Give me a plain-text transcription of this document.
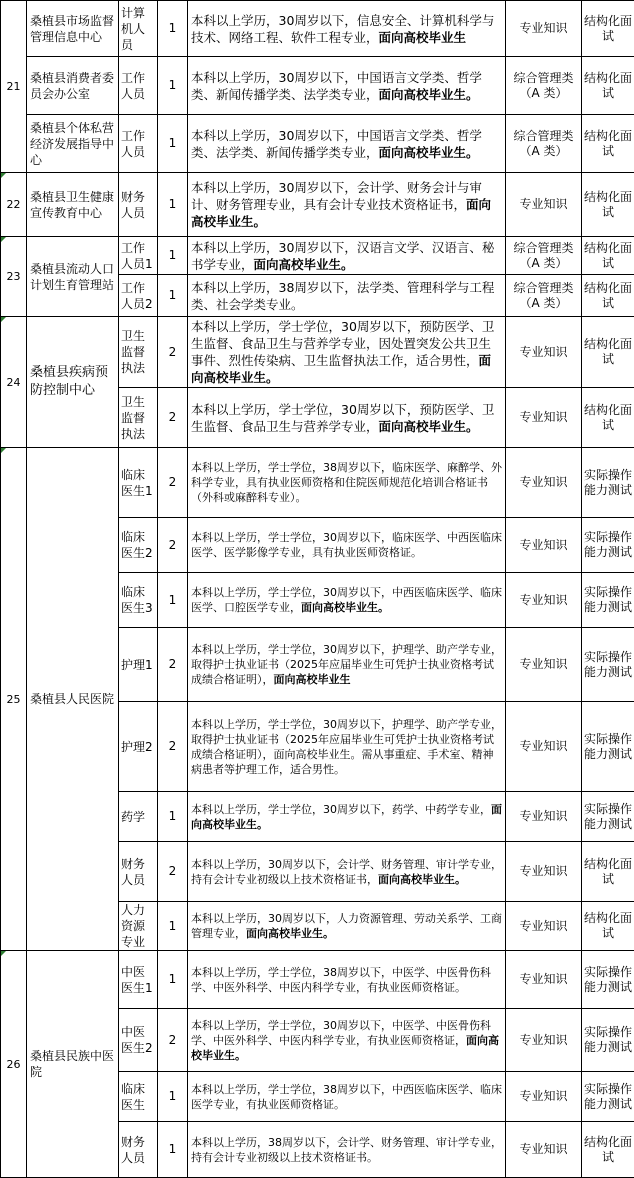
21	桑植县市场监督管理信息中心	计算机人员	1	本科以上学历，30周岁以下，信息安全、计算机科学与技术、网络工程、软件工程专业，面向高校毕业生	专业知识	结构化面试
	桑植县消费者委员会办公室	工作人员	1	本科以上学历，30周岁以下，中国语言文学类、哲学类、新闻传播学类、法学类专业，面向高校毕业生。	综合管理类（A 类）	结构化面试
	桑植县个体私营经济发展指导中心	工作人员	1	本科以上学历，30周岁以下，中国语言文学类、哲学类、法学类、新闻传播学类专业，面向高校毕业生。	综合管理类（A 类）	结构化面试
22	桑植县卫生健康宣传教育中心	财务人员	1	本科以上学历，30周岁以下，会计学、财务会计与审计、财务管理专业，具有会计专业技术资格证书，面向高校毕业生。	专业知识	结构化面试
23	桑植县流动人口计划生育管理站	工作人员1	1	本科以上学历，30周岁以下，汉语言文学、汉语言、秘书学专业，面向高校毕业生。	综合管理类（A 类）	结构化面试
		工作人员2	1	本科以上学历，38周岁以下，法学类、管理科学与工程类、社会学类专业。	综合管理类（A 类）	结构化面试
24	桑植县疾病预防控制中心	卫生监督执法	2	本科以上学历，学士学位，30周岁以下，预防医学、卫生监督、食品卫生与营养学专业，因处置突发公共卫生事件、烈性传染病、卫生监督执法工作，适合男性，面向高校毕业生。	专业知识	结构化面试
		卫生监督执法	2	本科以上学历，学士学位，30周岁以下，预防医学、卫生监督、食品卫生与营养学专业，面向高校毕业生。	专业知识	结构化面试
25	桑植县人民医院	临床医生1	2	本科以上学历，学士学位，38周岁以下，临床医学、麻醉学、外科学专业，具有执业医师资格和住院医师规范化培训合格证书（外科或麻醉科专业）。	专业知识	实际操作能力测试
		临床医生2	2	本科以上学历，学士学位，30周岁以下，临床医学、中西医临床医学、医学影像学专业，具有执业医师资格证。	专业知识	实际操作能力测试
		临床医生3	1	本科以上学历，学士学位，30周岁以下，中西医临床医学、临床医学、口腔医学专业，面向高校毕业生。	专业知识	实际操作能力测试
		护理1	2	本科以上学历，学士学位，30周岁以下，护理学、助产学专业，取得护士执业证书（2025年应届毕业生可凭护士执业资格考试成绩合格证明），面向高校毕业生	专业知识	实际操作能力测试
		护理2	2	本科以上学历，学士学位，30周岁以下，护理学、助产学专业，取得护士执业证书（2025年应届毕业生可凭护士执业资格考试成绩合格证明），面向高校毕业生。需从事重症、手术室、精神病患者等护理工作，适合男性。	专业知识	实际操作能力测试
		药学	1	本科以上学历，学士学位，30周岁以下，药学、中药学专业，面向高校毕业生。	专业知识	实际操作能力测试
		财务人员	2	本科以上学历，30周岁以下，会计学、财务管理、审计学专业，持有会计专业初级以上技术资格证书，面向高校毕业生。	专业知识	结构化面试
		人力资源专业	1	本科以上学历，30周岁以下，人力资源管理、劳动关系学、工商管理专业，面向高校毕业生。	专业知识	结构化面试
26	桑植县民族中医院	中医医生1	1	本科以上学历，学士学位，38周岁以下，中医学、中医骨伤科学、中医外科学、中医内科学专业，有执业医师资格证。	专业知识	实际操作能力测试
		中医医生2	2	本科以上学历，学士学位，30周岁以下，中医学、中医骨伤科学、中医外科学、中医内科学专业，有执业医师资格证，面向高校毕业生。	专业知识	实际操作能力测试
		临床医生	1	本科以上学历，学士学位，38周岁以下，中西医临床医学、临床医学专业，有执业医师资格证。	专业知识	实际操作能力测试
		财务人员	1	本科以上学历，38周岁以下，会计学、财务管理、审计学专业，持有会计专业初级以上技术资格证书。	专业知识	结构化面试
